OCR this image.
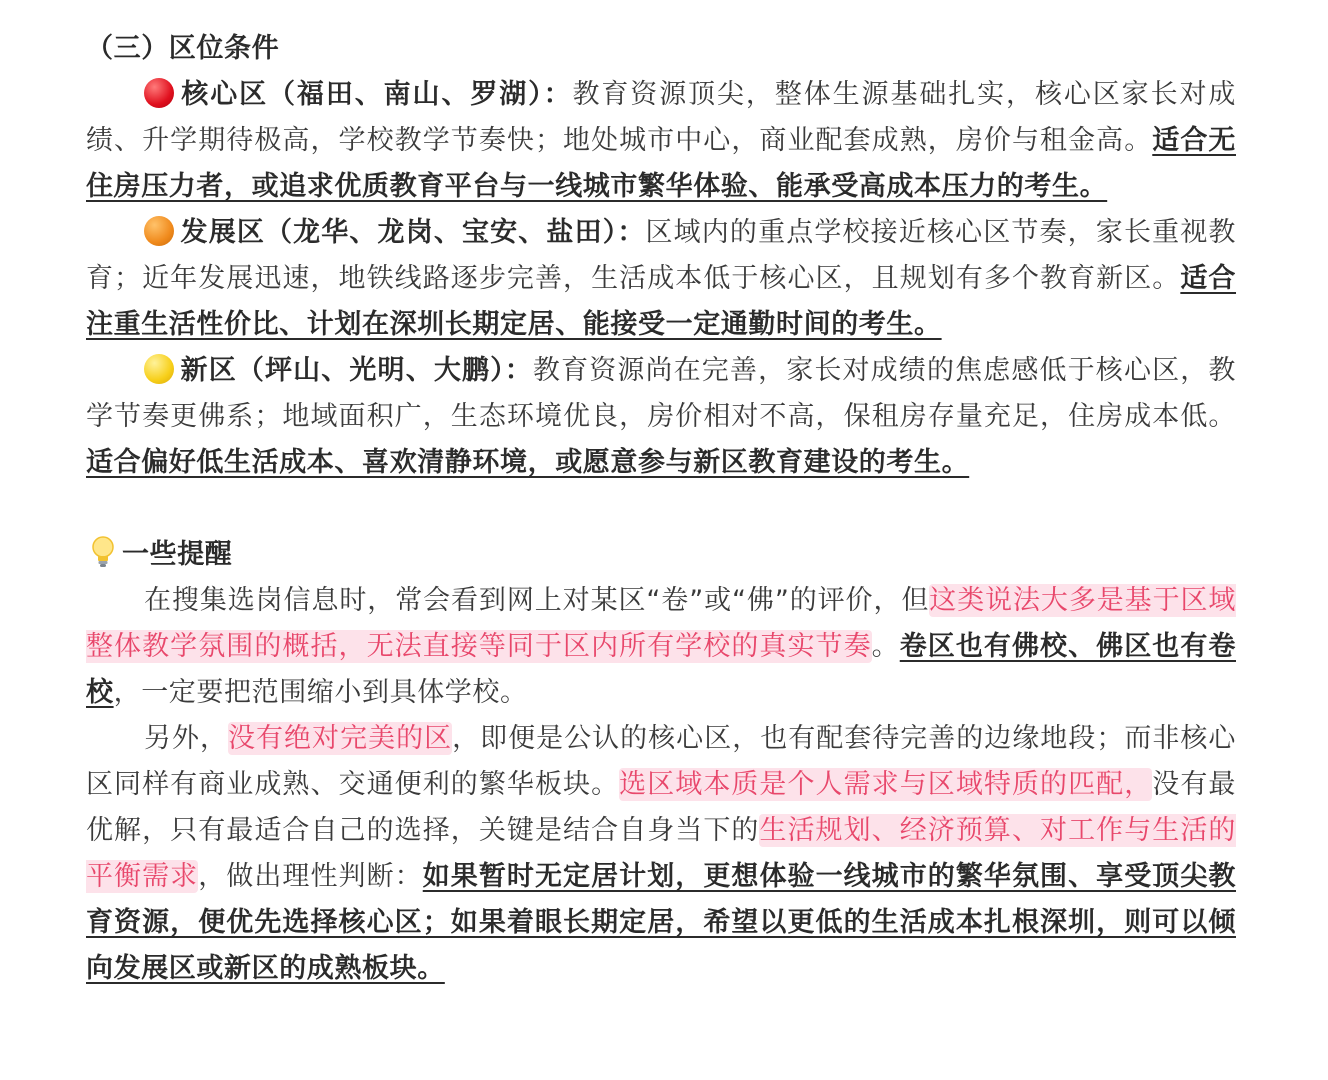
（三）区位条件

核心区（福田、南山、罗湖）：教育资源顶尖，整体生源基础扎实，核心区家长对成绩、升学期待极高，学校教学节奏快；地处城市中心，商业配套成熟，房价与租金高。适合无住房压力者，或追求优质教育平台与一线城市繁华体验、能承受高成本压力的考生。

发展区（龙华、龙岗、宝安、盐田）：区域内的重点学校接近核心区节奏，家长重视教育；近年发展迅速，地铁线路逐步完善，生活成本低于核心区，且规划有多个教育新区。适合注重生活性价比、计划在深圳长期定居、能接受一定通勤时间的考生。

新区（坪山、光明、大鹏）：教育资源尚在完善，家长对成绩的焦虑感低于核心区，教学节奏更佛系；地域面积广，生态环境优良，房价相对不高，保租房存量充足，住房成本低。适合偏好低生活成本、喜欢清静环境，或愿意参与新区教育建设的考生。

一些提醒

在搜集选岗信息时，常会看到网上对某区“卷”或“佛”的评价，但这类说法大多是基于区域整体教学氛围的概括，无法直接等同于区内所有学校的真实节奏。卷区也有佛校、佛区也有卷校，一定要把范围缩小到具体学校。

另外，没有绝对完美的区，即便是公认的核心区，也有配套待完善的边缘地段；而非核心区同样有商业成熟、交通便利的繁华板块。选区域本质是个人需求与区域特质的匹配，没有最优解，只有最适合自己的选择，关键是结合自身当下的生活规划、经济预算、对工作与生活的平衡需求，做出理性判断：如果暂时无定居计划，更想体验一线城市的繁华氛围、享受顶尖教育资源，便优先选择核心区；如果着眼长期定居，希望以更低的生活成本扎根深圳，则可以倾向发展区或新区的成熟板块。
